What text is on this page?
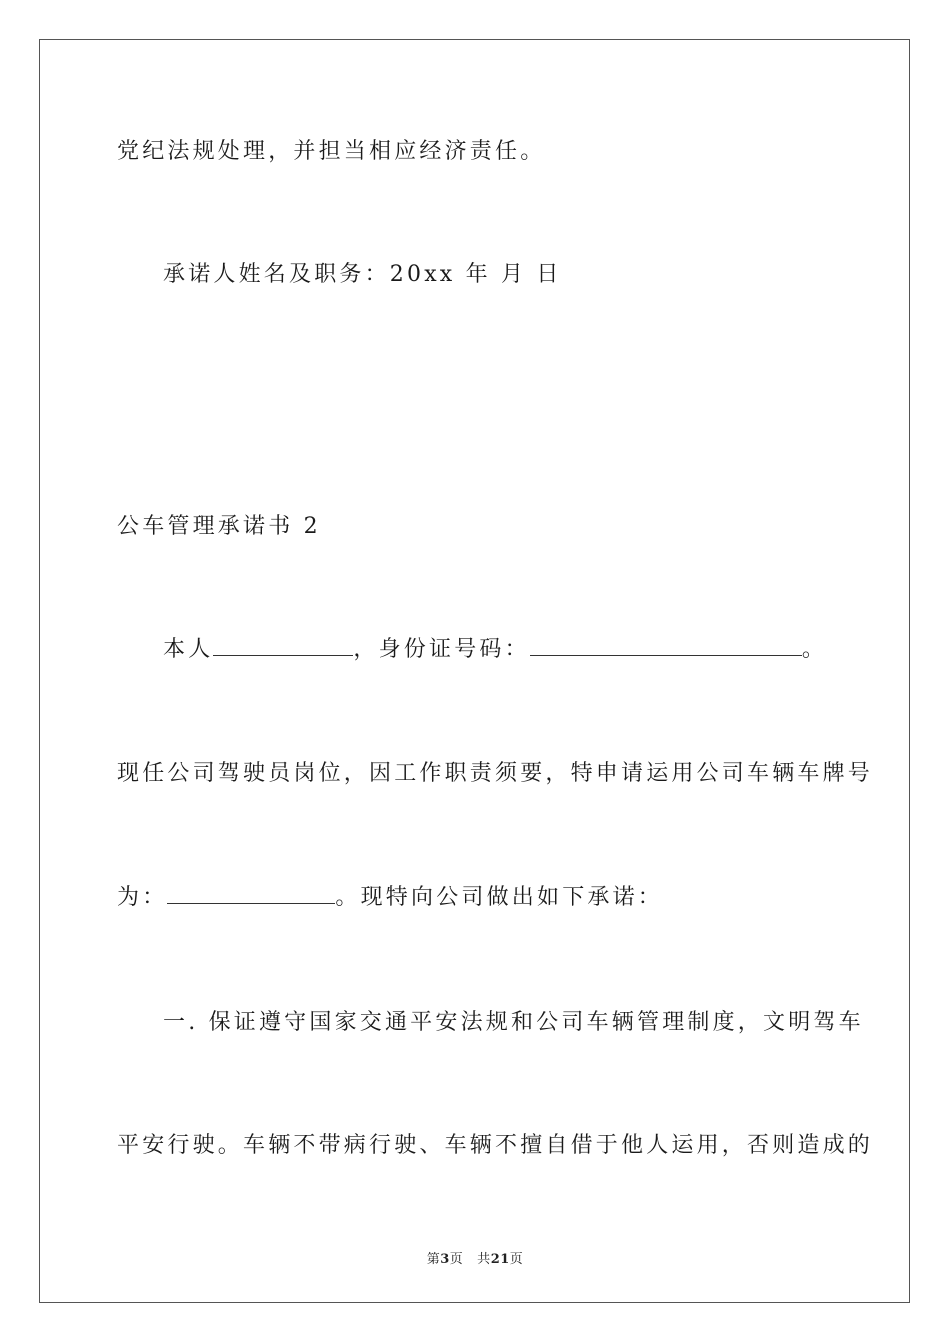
党纪法规处理，并担当相应经济责任。
承诺人姓名及职务：20xx 年 月 日
公车管理承诺书 2
本人	，身份证号码：	。
现任公司驾驶员岗位，因工作职责须要，特申请运用公司车辆车牌号
为：	。现特向公司做出如下承诺：
一. 保证遵守国家交通平安法规和公司车辆管理制度，文明驾车
平安行驶。车辆不带病行驶、车辆不擅自借于他人运用，否则造成的
第3页 共21页
